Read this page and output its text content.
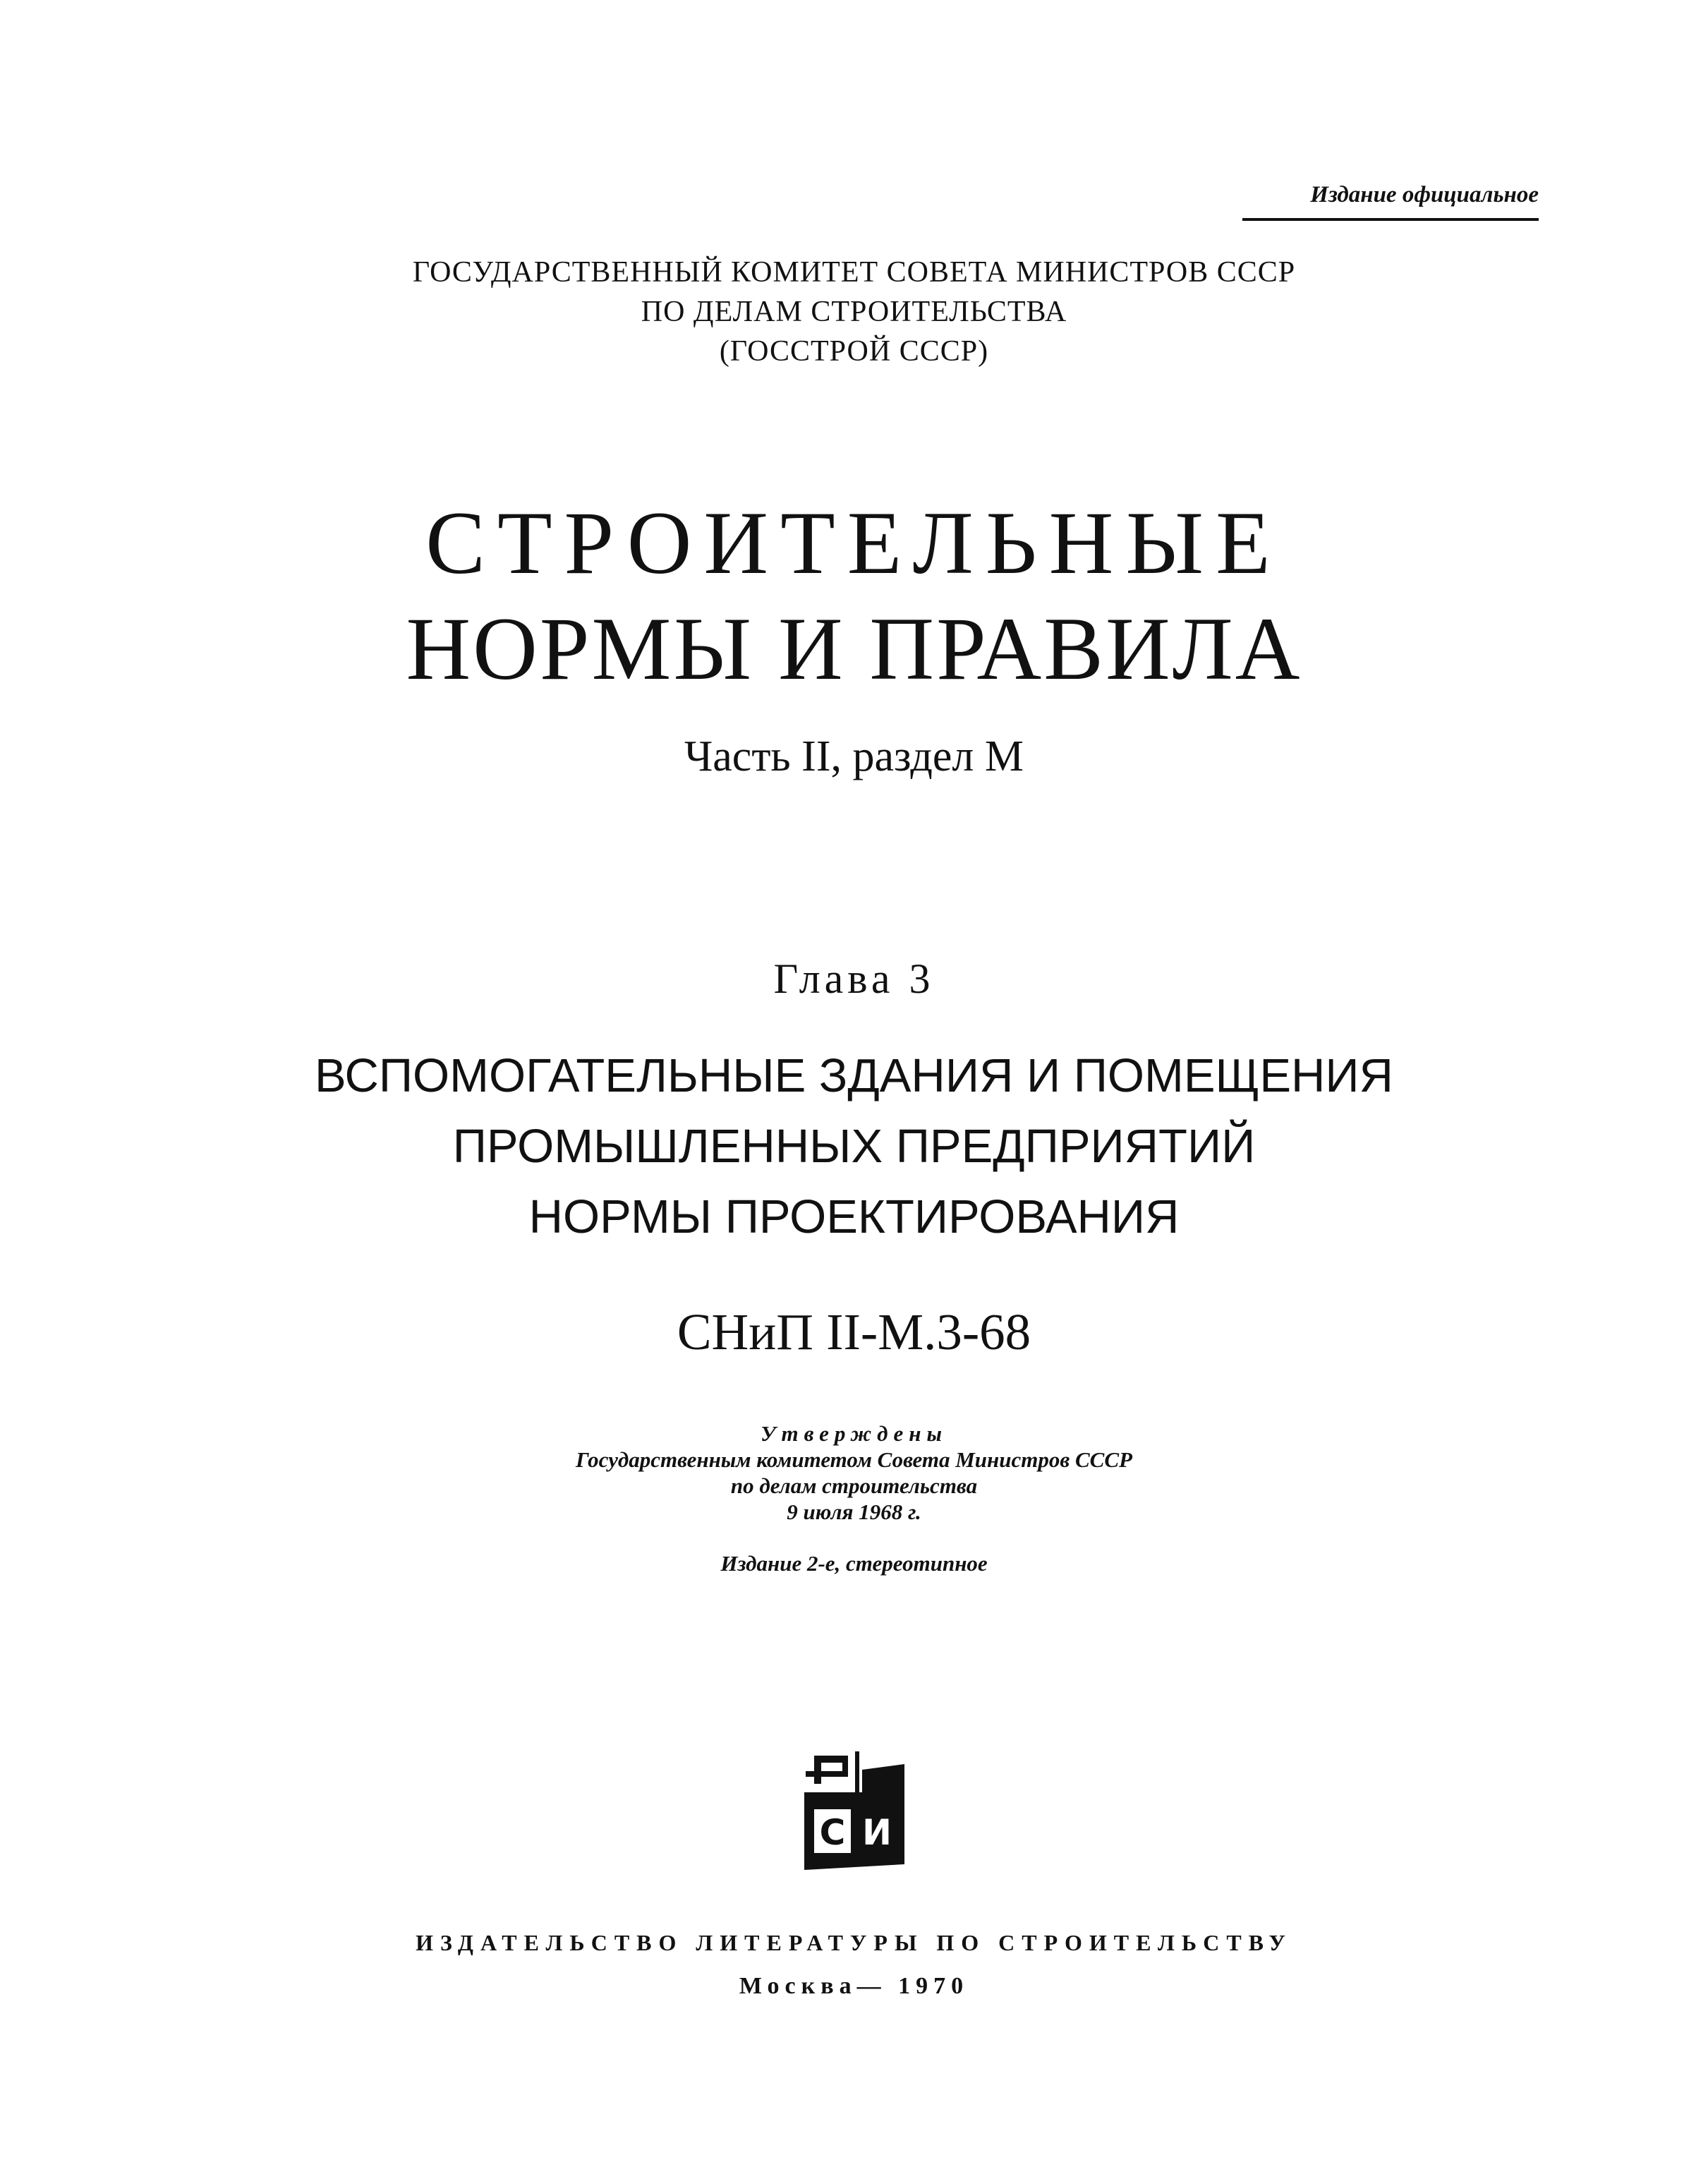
Издание официальное
ГОСУДАРСТВЕННЫЙ КОМИТЕТ СОВЕТА МИНИСТРОВ СССР
ПО ДЕЛАМ СТРОИТЕЛЬСТВА
(ГОССТРОЙ СССР)
СТРОИТЕЛЬНЫЕ
НОРМЫ И ПРАВИЛА
Часть II, раздел М
Глава 3
ВСПОМОГАТЕЛЬНЫЕ ЗДАНИЯ И ПОМЕЩЕНИЯ
ПРОМЫШЛЕННЫХ ПРЕДПРИЯТИЙ
НОРМЫ ПРОЕКТИРОВАНИЯ
СНиП II-М.3-68
Утверждены
Государственным комитетом Совета Министров СССР
по делам строительства
9 июля 1968 г.
Издание 2-е, стереотипное
С И
ИЗДАТЕЛЬСТВО ЛИТЕРАТУРЫ ПО СТРОИТЕЛЬСТВУ
Москва— 1970
